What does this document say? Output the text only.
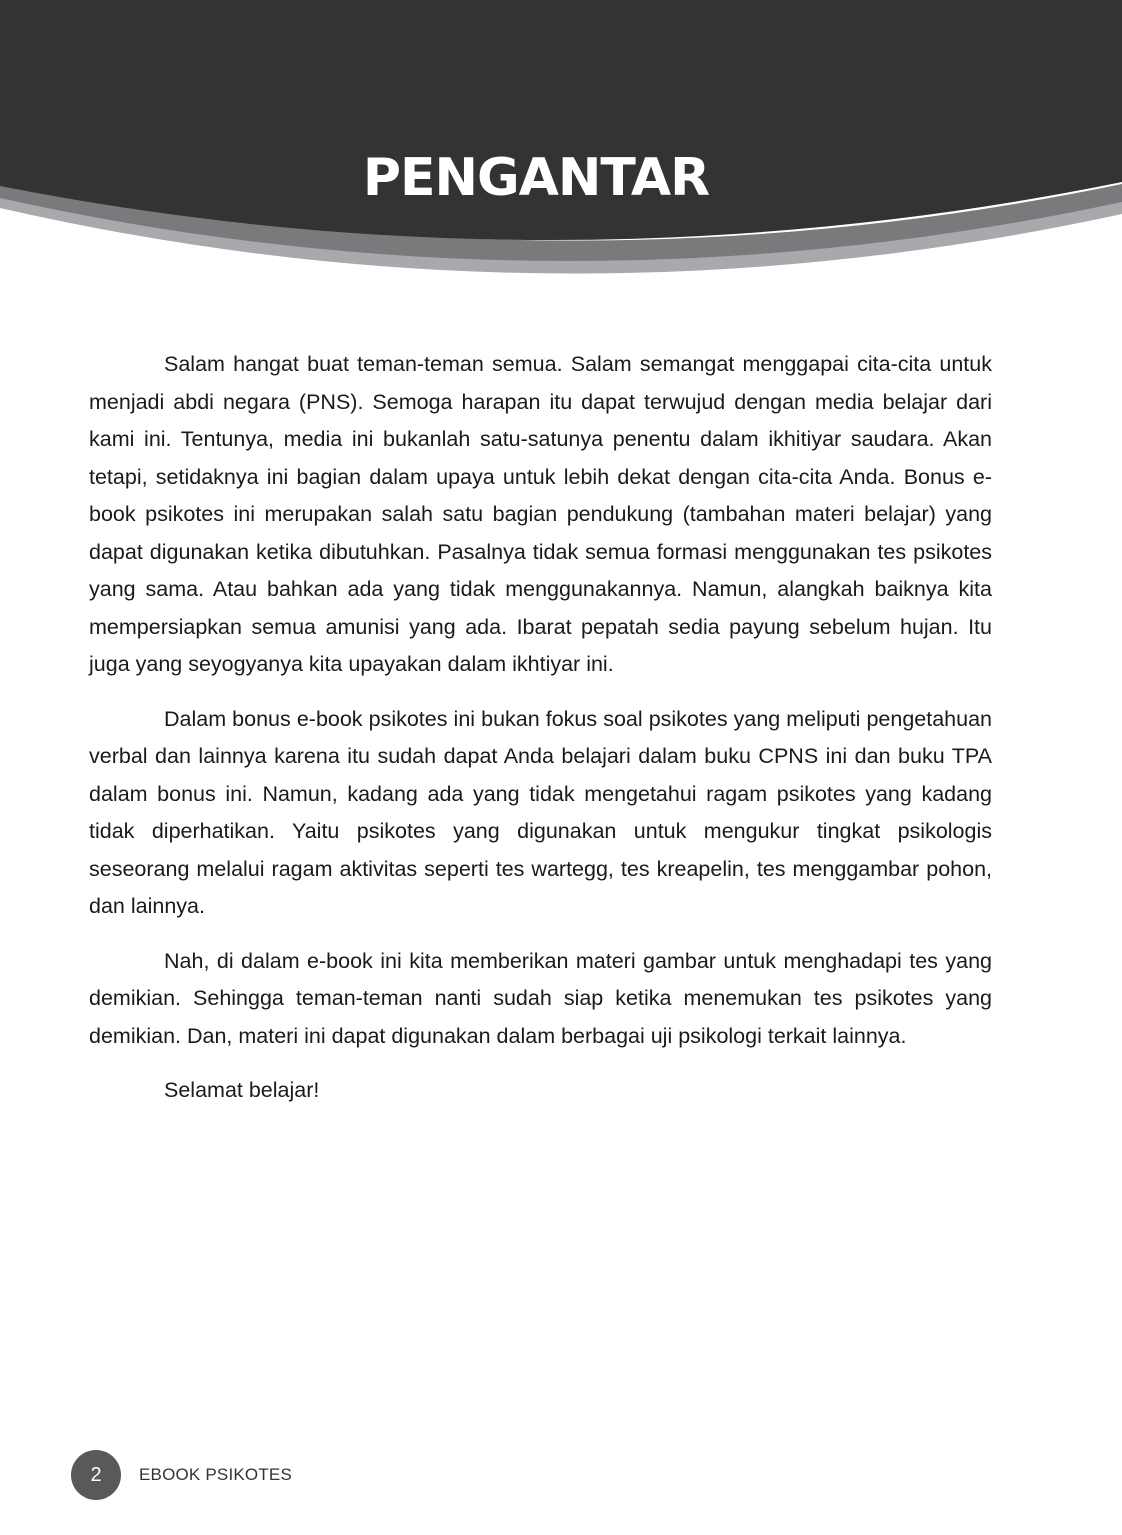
PENGANTAR

Salam hangat buat teman-teman semua. Salam semangat menggapai cita-cita untuk menjadi abdi negara (PNS). Semoga harapan itu dapat terwujud dengan media belajar dari kami ini. Tentunya, media ini bukanlah satu-satunya penentu dalam ikhitiyar saudara. Akan tetapi, setidaknya ini bagian dalam upaya untuk lebih dekat dengan cita-cita Anda. Bonus e-book psikotes ini merupakan salah satu bagian pendukung (tambahan materi belajar) yang dapat digunakan ketika dibutuhkan. Pasalnya tidak semua formasi menggunakan tes psikotes yang sama. Atau bahkan ada yang tidak menggunakannya. Namun, alangkah baiknya kita mempersiapkan semua amunisi yang ada. Ibarat pepatah sedia payung sebelum hujan. Itu juga yang seyogyanya kita upayakan dalam ikhtiyar ini.

Dalam bonus e-book psikotes ini bukan fokus soal psikotes yang meliputi pengetahuan verbal dan lainnya karena itu sudah dapat Anda belajari dalam buku CPNS ini dan buku TPA dalam bonus ini. Namun, kadang ada yang tidak mengetahui ragam psikotes yang kadang tidak diperhatikan. Yaitu psikotes yang digunakan untuk mengukur tingkat psikologis seseorang melalui ragam aktivitas seperti tes wartegg, tes kreapelin, tes menggambar pohon, dan lainnya.

Nah, di dalam e-book ini kita memberikan materi gambar untuk menghadapi tes yang demikian. Sehingga teman-teman nanti sudah siap ketika menemukan tes psikotes yang demikian. Dan, materi ini dapat digunakan dalam berbagai uji psikologi terkait lainnya.

Selamat belajar!

2 EBOOK PSIKOTES
